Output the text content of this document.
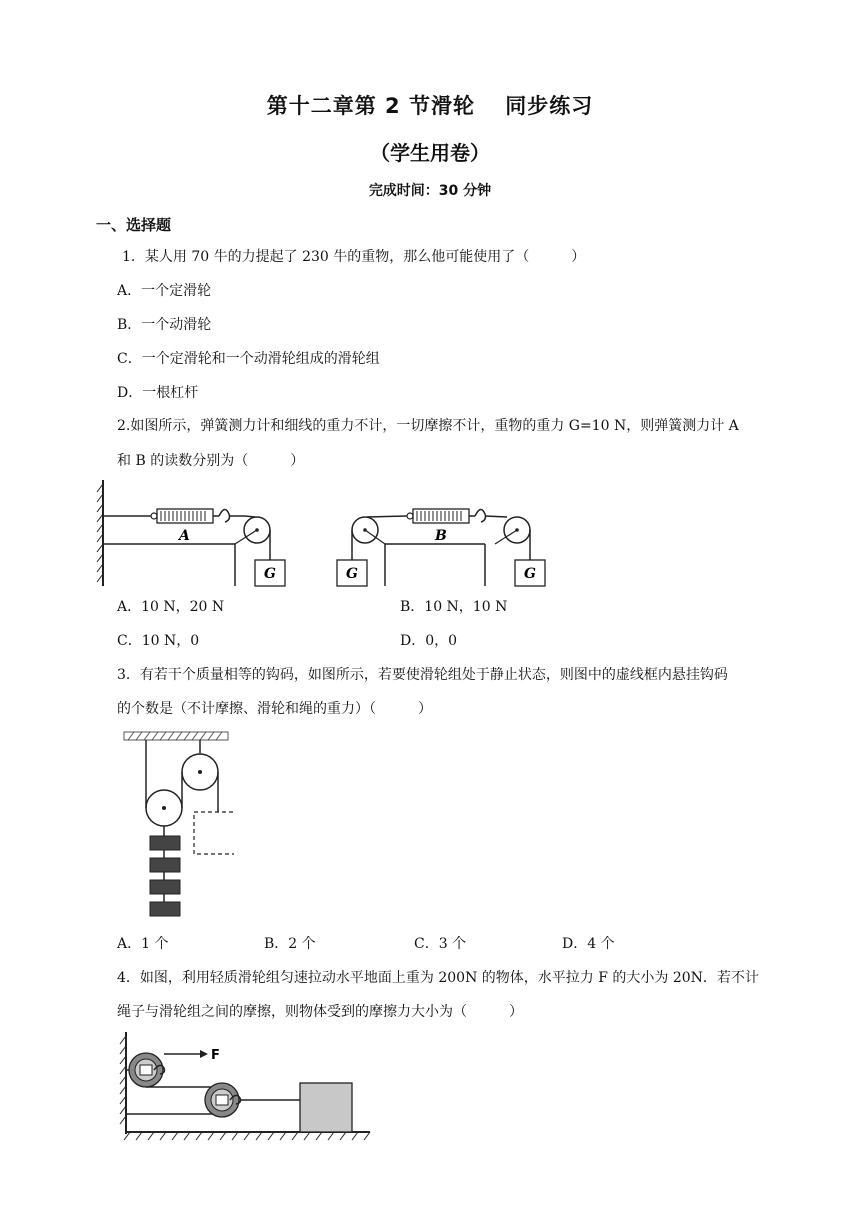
第十二章第 2 节滑轮　 同步练习
（学生用卷）
完成时间：30 分钟
一、选择题
1．某人用 70 牛的力提起了 230 牛的重物，那么他可能使用了（　　　）
A．一个定滑轮
B．一个动滑轮
C．一个定滑轮和一个动滑轮组成的滑轮组
D．一根杠杆
2.如图所示，弹簧测力计和细线的重力不计，一切摩擦不计，重物的重力 G=10 N，则弹簧测力计 A
和 B 的读数分别为（　　　）
A
G	G
B
G
A．10 N，20 N	B．10 N，10 N
C．10 N，0	D．0，0
3．有若干个质量相等的钩码，如图所示，若要使滑轮组处于静止状态，则图中的虚线框内悬挂钩码
的个数是（不计摩擦、滑轮和绳的重力）（　　　）
A．1 个	B．2 个	C．3 个	D．4 个
4．如图，利用轻质滑轮组匀速拉动水平地面上重为 200N 的物体，水平拉力 F 的大小为 20N．若不计
绳子与滑轮组之间的摩擦，则物体受到的摩擦力大小为（　　　）
F
